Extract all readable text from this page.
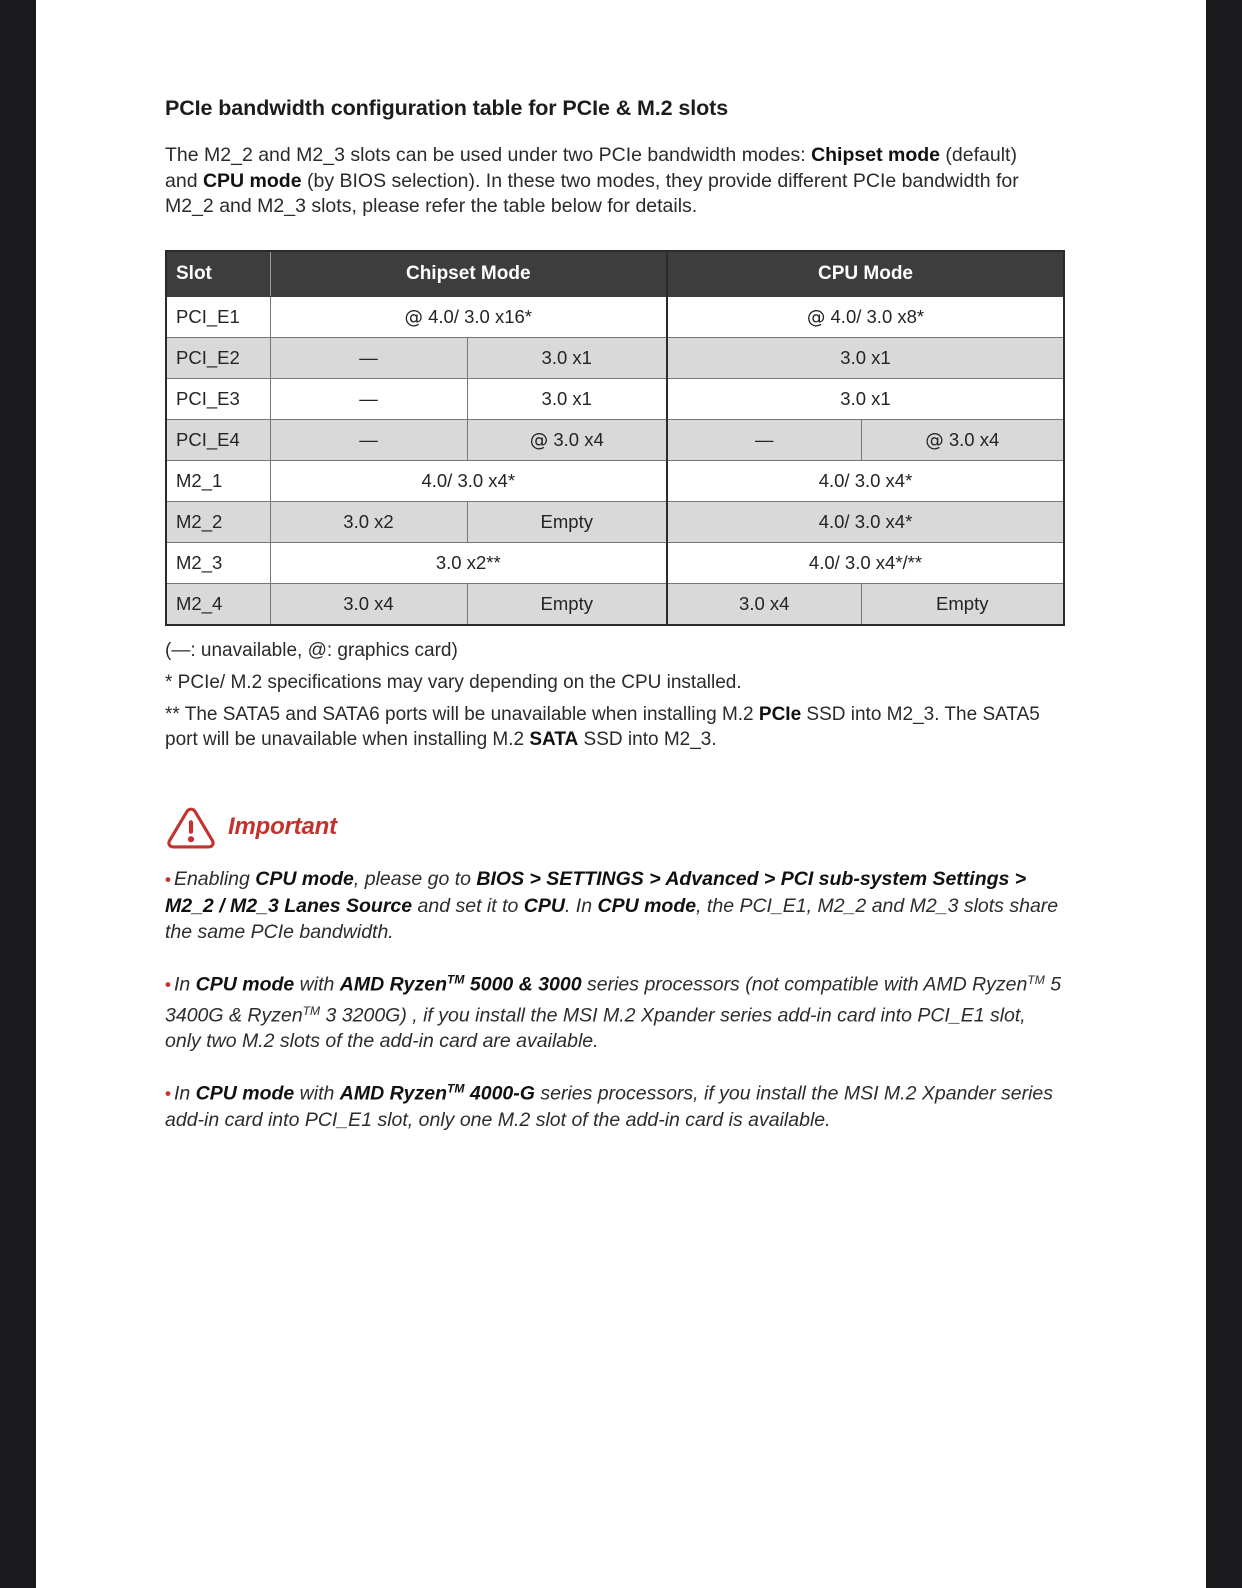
PCIe bandwidth configuration table for PCIe & M.2 slots

The M2_2 and M2_3 slots can be used under two PCIe bandwidth modes: Chipset mode (default) and CPU mode (by BIOS selection). In these two modes, they provide different PCIe bandwidth for M2_2 and M2_3 slots, please refer the table below for details.

Slot	Chipset Mode		CPU Mode	
PCI_E1	@ 4.0/ 3.0 x16*		@ 4.0/ 3.0 x8*	
PCI_E2	—	3.0 x1	3.0 x1	
PCI_E3	—	3.0 x1	3.0 x1	
PCI_E4	—	@ 3.0 x4	—	@ 3.0 x4
M2_1	4.0/ 3.0 x4*		4.0/ 3.0 x4*	
M2_2	3.0 x2	Empty	4.0/ 3.0 x4*	
M2_3	3.0 x2**		4.0/ 3.0 x4*/**	
M2_4	3.0 x4	Empty	3.0 x4	Empty

(—: unavailable, @: graphics card)

* PCIe/ M.2 specifications may vary depending on the CPU installed.

** The SATA5 and SATA6 ports will be unavailable when installing M.2 PCIe SSD into M2_3. The SATA5 port will be unavailable when installing M.2 SATA SSD into M2_3.

Important

• Enabling CPU mode, please go to BIOS > SETTINGS > Advanced > PCI sub-system Settings > M2_2 / M2_3 Lanes Source and set it to CPU. In CPU mode, the PCI_E1, M2_2 and M2_3 slots share the same PCIe bandwidth.

• In CPU mode with AMD Ryzen™ 5000 & 3000 series processors (not compatible with AMD Ryzen™ 5 3400G & Ryzen™ 3 3200G) , if you install the MSI M.2 Xpander series add-in card into PCI_E1 slot, only two M.2 slots of the add-in card are available.

• In CPU mode with AMD Ryzen™ 4000-G series processors, if you install the MSI M.2 Xpander series add-in card into PCI_E1 slot, only one M.2 slot of the add-in card is available.
